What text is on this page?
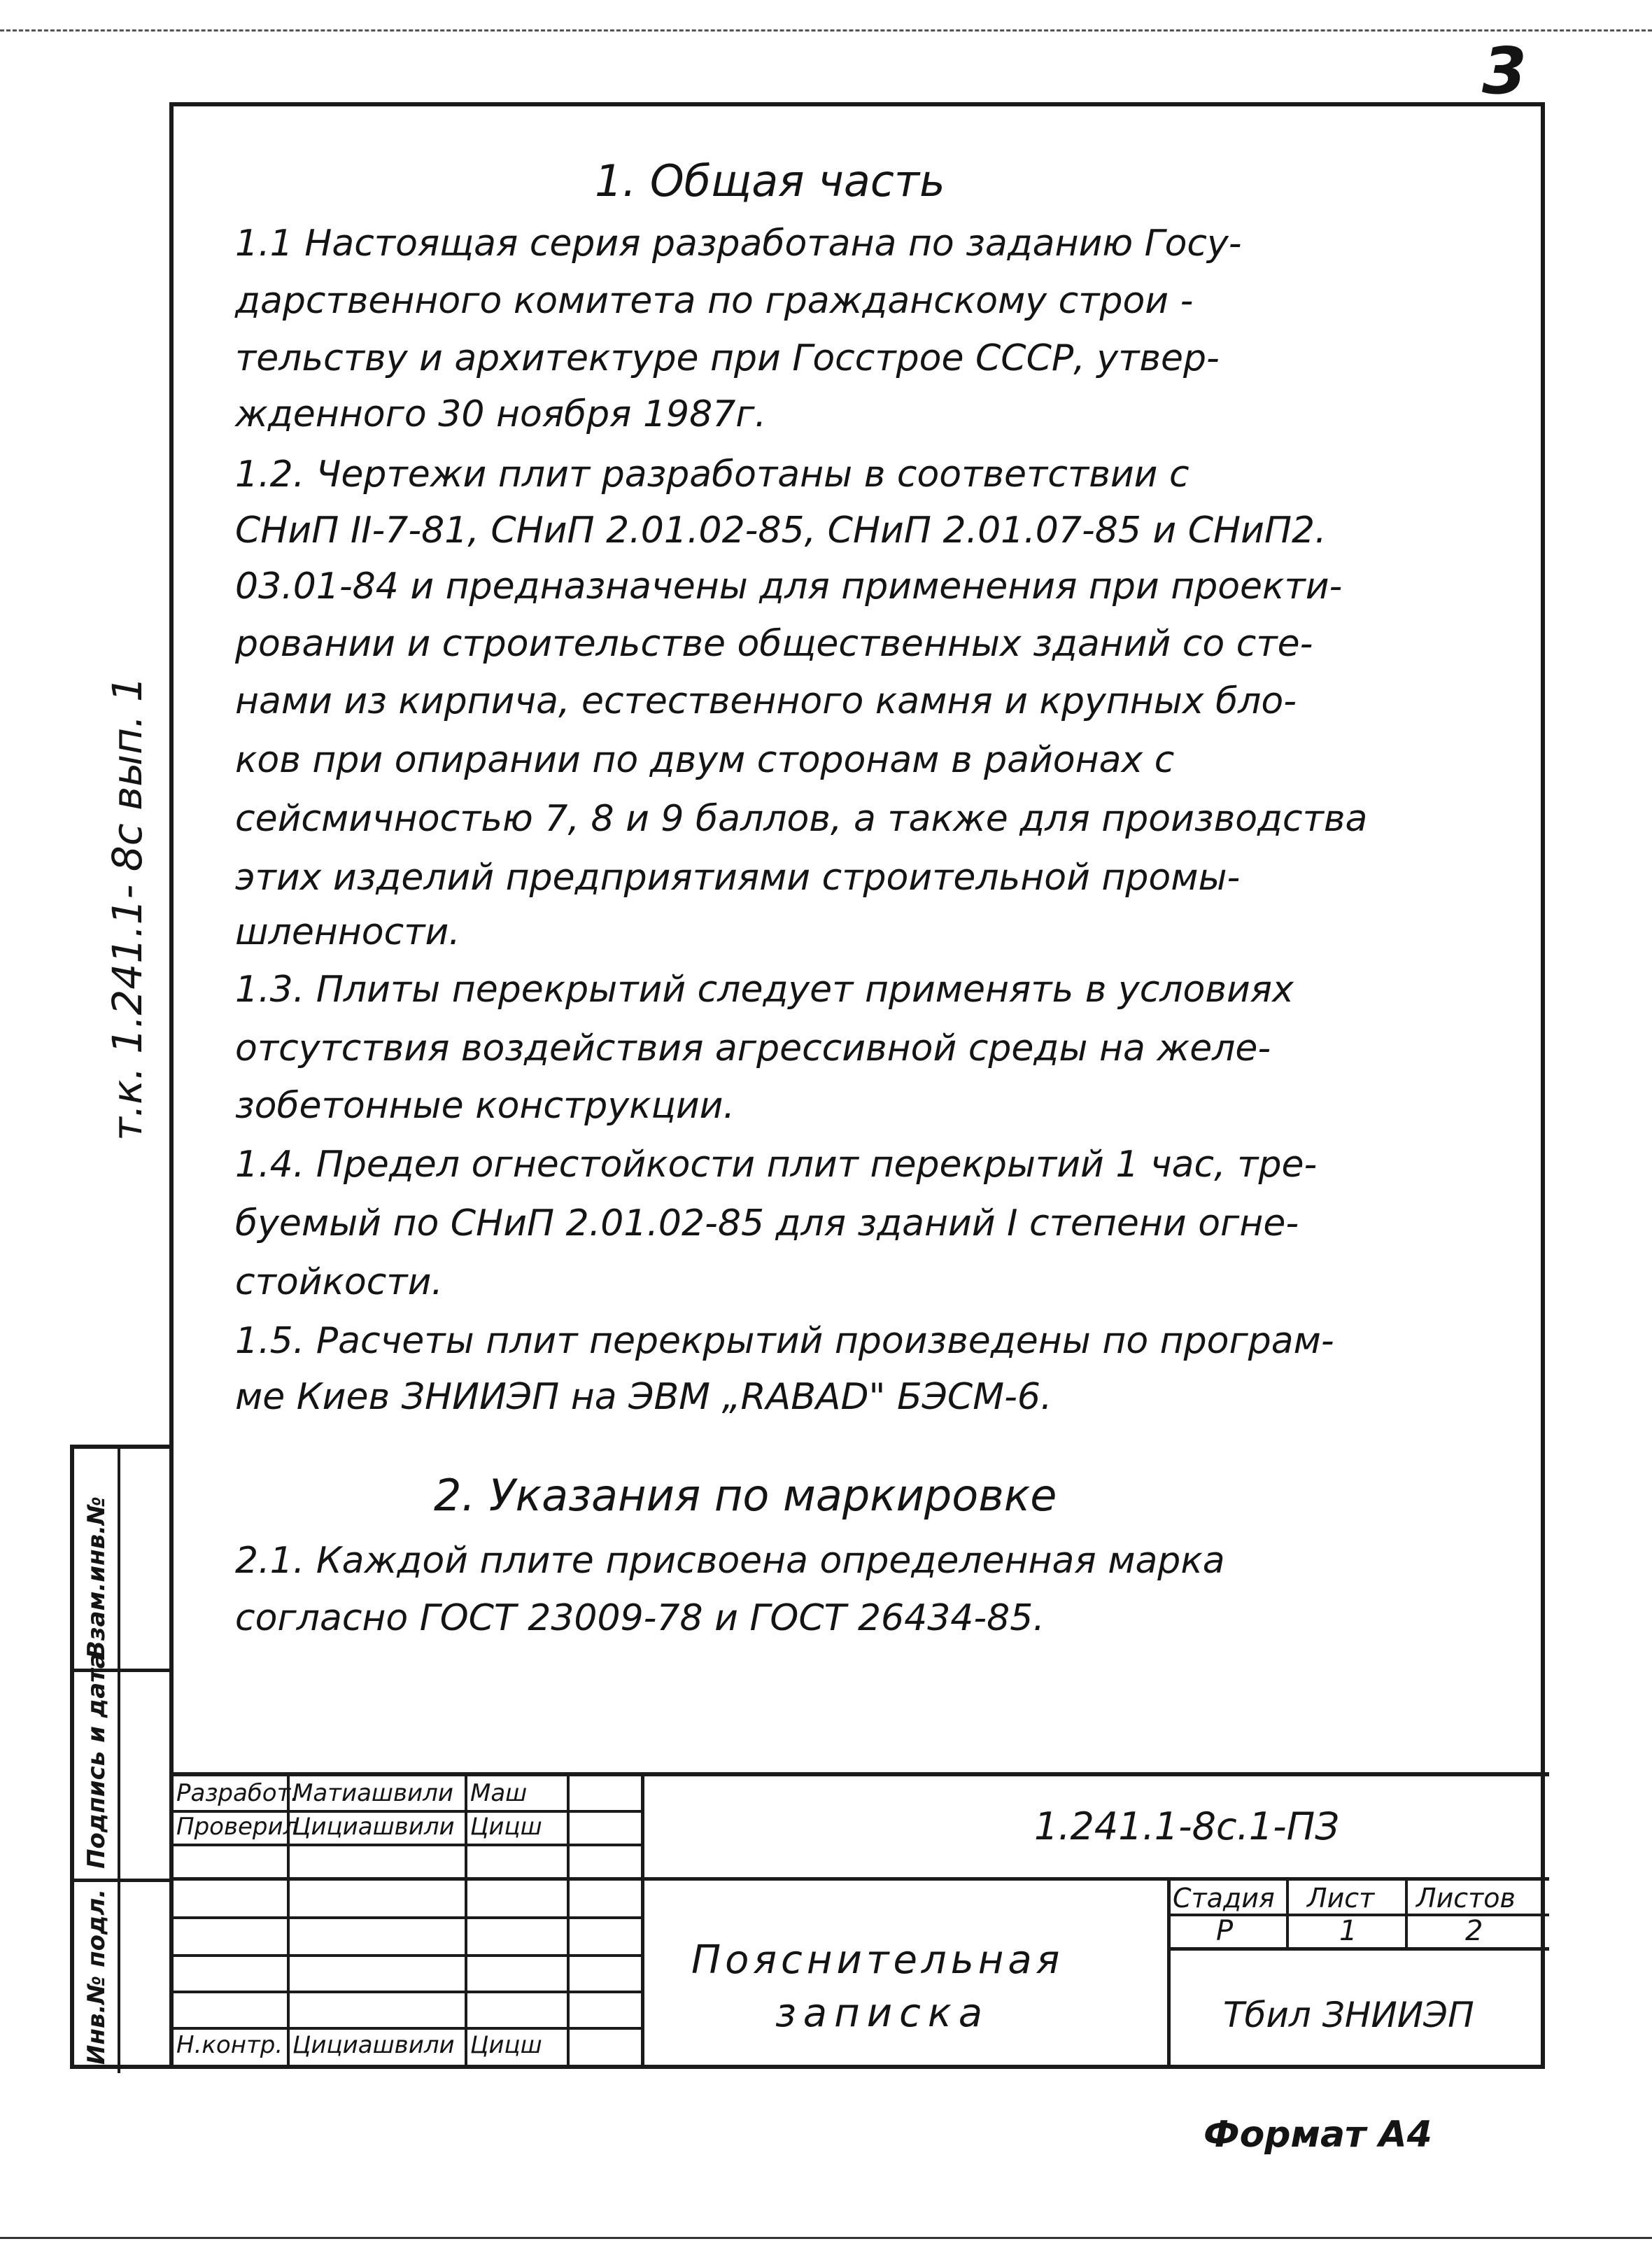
3
т.к. 1.241.1- 8с вып. 1
1. Общая часть
1.1 Настоящая серия разработана по заданию Госу-
дарственного комитета по гражданскому строи -
тельству и архитектуре при Госстрое СССР, утвер-
жденного 30 ноября 1987г.
1.2. Чертежи плит разработаны в соответствии с
СНиП II-7-81, СНиП 2.01.02-85, СНиП 2.01.07-85 и СНиП2.
03.01-84 и предназначены для применения при проекти-
ровании и строительстве общественных зданий со сте-
нами из кирпича, естественного камня и крупных бло-
ков при опирании по двум сторонам в районах с
сейсмичностью 7, 8 и 9 баллов, а также для производства
этих изделий предприятиями строительной промы-
шленности.
1.3. Плиты перекрытий следует применять в условиях
отсутствия воздействия агрессивной среды на желе-
зобетонные конструкции.
1.4. Предел огнестойкости плит перекрытий 1 час, тре-
буемый по СНиП 2.01.02-85 для зданий I степени огне-
стойкости.
1.5. Расчеты плит перекрытий произведены по програм-
ме Киев ЗНИИЭП на ЭВМ „RABAD" БЭСМ-6.
2. Указания по маркировке
2.1. Каждой плите присвоена определенная марка
согласно ГОСТ 23009-78 и ГОСТ 26434-85.
Взам.инв.№
Подпись и дата
Инв.№ подл.
Разработ.
Матиашвили Маш
Проверил
Цициашвили Цицш
Н.контр. Цициашвили Цицш
1.241.1-8с.1-ПЗ
Пояснительная
записка
Стадия Лист Листов
Р	1	2
Тбил ЗНИИЭП
Формат А4
